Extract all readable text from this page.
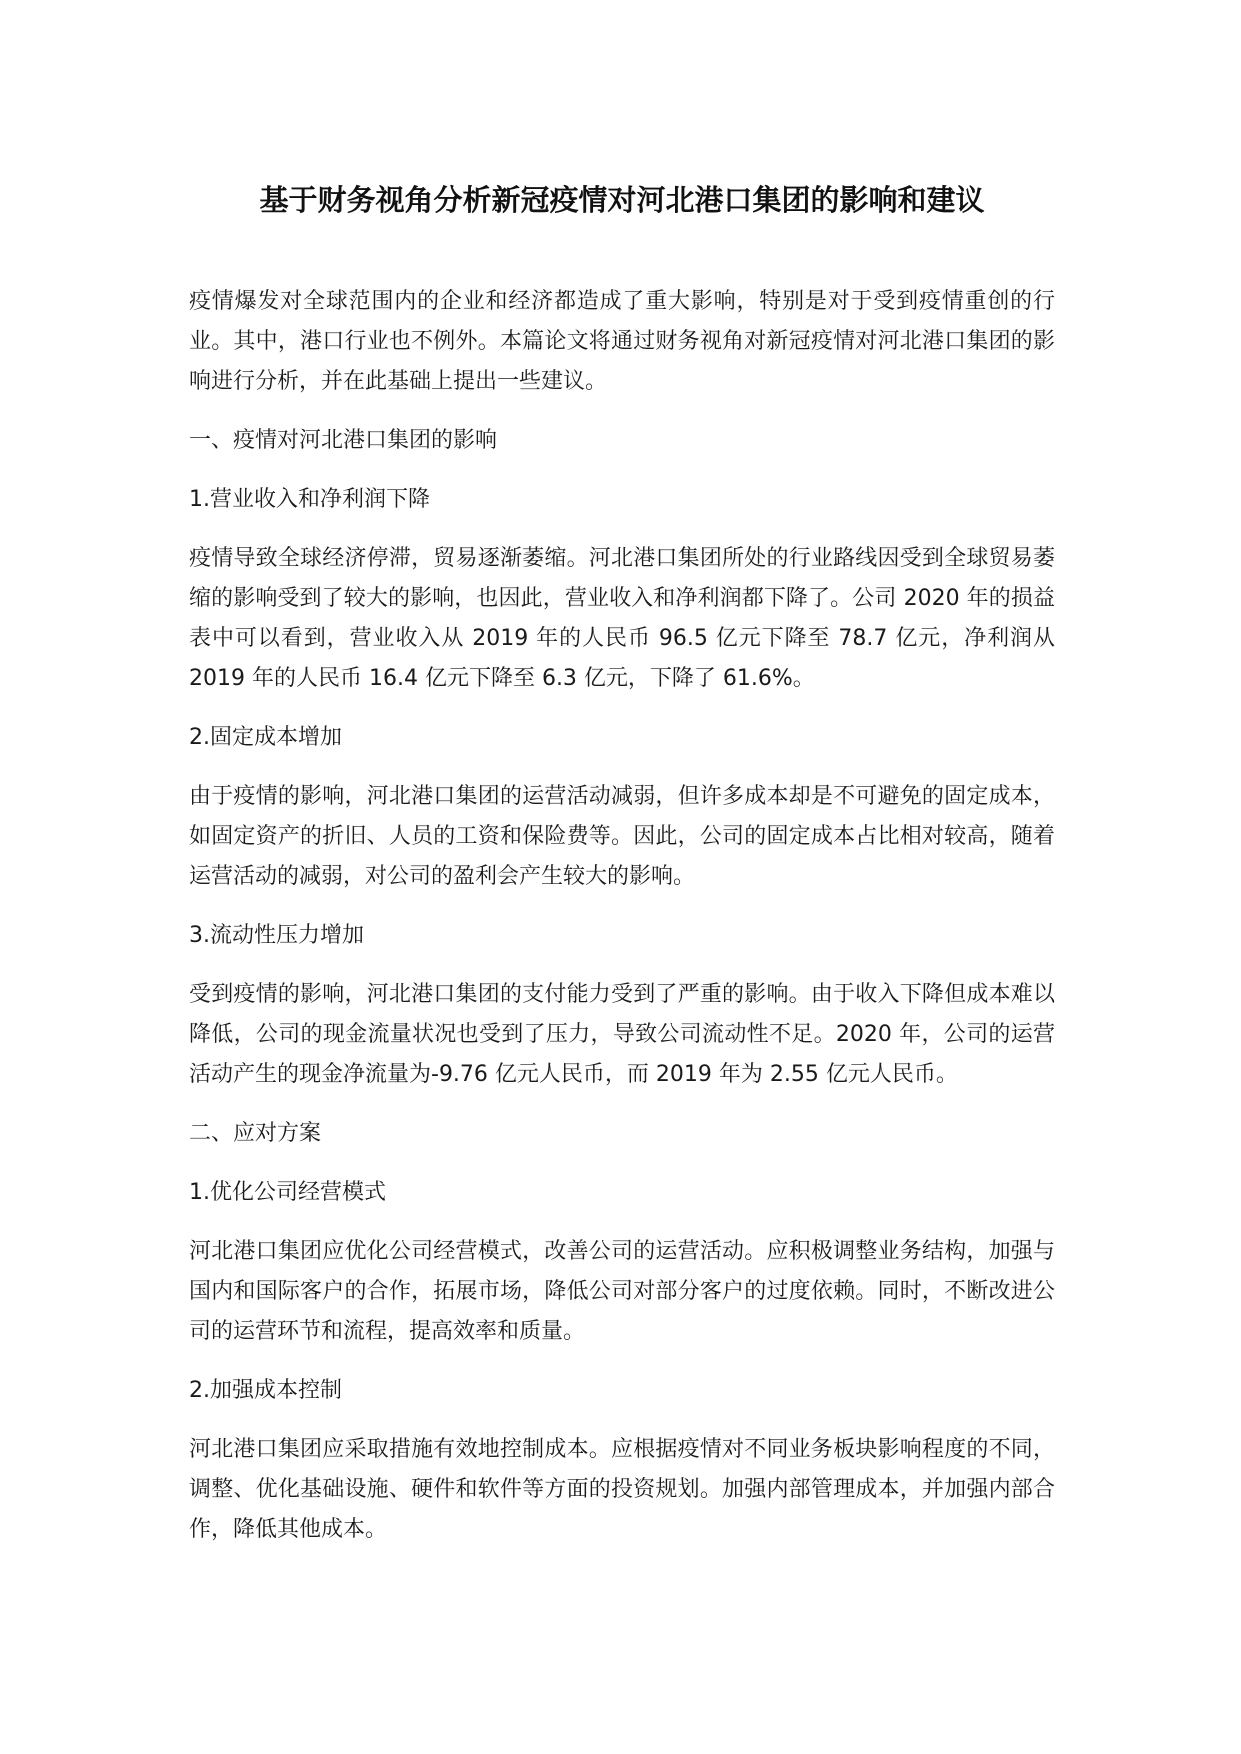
基于财务视角分析新冠疫情对河北港口集团的影响和建议

疫情爆发对全球范围内的企业和经济都造成了重大影响，特别是对于受到疫情重创的行业。其中，港口行业也不例外。本篇论文将通过财务视角对新冠疫情对河北港口集团的影响进行分析，并在此基础上提出一些建议。

一、疫情对河北港口集团的影响

1.营业收入和净利润下降

疫情导致全球经济停滞，贸易逐渐萎缩。河北港口集团所处的行业路线因受到全球贸易萎缩的影响受到了较大的影响，也因此，营业收入和净利润都下降了。公司 2020 年的损益表中可以看到，营业收入从 2019 年的人民币 96.5 亿元下降至 78.7 亿元，净利润从 2019 年的人民币 16.4 亿元下降至 6.3 亿元，下降了 61.6%。

2.固定成本增加

由于疫情的影响，河北港口集团的运营活动减弱，但许多成本却是不可避免的固定成本，如固定资产的折旧、人员的工资和保险费等。因此，公司的固定成本占比相对较高，随着运营活动的减弱，对公司的盈利会产生较大的影响。

3.流动性压力增加

受到疫情的影响，河北港口集团的支付能力受到了严重的影响。由于收入下降但成本难以降低，公司的现金流量状况也受到了压力，导致公司流动性不足。2020 年，公司的运营活动产生的现金净流量为-9.76 亿元人民币，而 2019 年为 2.55 亿元人民币。

二、应对方案

1.优化公司经营模式

河北港口集团应优化公司经营模式，改善公司的运营活动。应积极调整业务结构，加强与国内和国际客户的合作，拓展市场，降低公司对部分客户的过度依赖。同时，不断改进公司的运营环节和流程，提高效率和质量。

2.加强成本控制

河北港口集团应采取措施有效地控制成本。应根据疫情对不同业务板块影响程度的不同，调整、优化基础设施、硬件和软件等方面的投资规划。加强内部管理成本，并加强内部合作，降低其他成本。
